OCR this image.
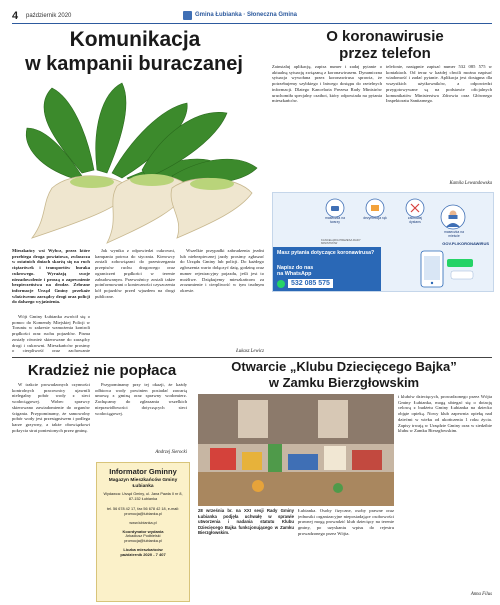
4 październik 2020	Gmina Łubianka · Słoneczna Gmina
Komunikacja
w kampanii buraczanej
Mieszkańcy wsi Wybcz, przez które przebiega droga powiatowa, zwłaszcza w ostatnich dniach skarżą się na ruch ciężarówek i transportów buraka cukrowego. Wyrażają swoje niezadowolenie i proszą o zapewnienie bezpieczeństwa na drodze. Zebrane informacje Urząd Gminy przekaże właściwemu zarządcy drogi oraz policji do dalszego wyjaśnienia.

Wójt Gminy Łubianka zwrócił się o pomoc do Komendy Miejskiej Policji w Toruniu w zakresie wzmożenia kontroli prędkości oraz ruchu pojazdów. Pisma zostały również skierowane do zarządcy drogi i cukrowni. Mieszkańców prosimy o cierpliwość oraz zachowanie

Jak wynika z odpowiedzi cukrowni, kampania potrwa do stycznia. Kierowcy zostali zobowiązani do przestrzegania przepisów ruchu drogowego oraz ograniczeń prędkości w terenie zabudowanym. Przewoźnicy zostali także poinformowani o konieczności czyszczenia kół pojazdów przed wjazdem na drogi publiczne.

Wszelkie przypadki zabrudzenia jezdni lub niebezpiecznej jazdy prosimy zgłaszać do Urzędu Gminy lub policji. Do każdego zgłoszenia warto dołączyć datę, godzinę oraz numer rejestracyjny pojazdu, jeśli jest to możliwe. Dziękujemy mieszkańcom za zrozumienie i cierpliwość w tym trudnym okresie.

Łukasz Lewicz
O koronawirusie
przez telefon

Zainstaluj aplikację, zapisz numer i zadaj pytanie o aktualną sytuację związaną z koronawirusem. Dynamiczna sytuacja wywołana przez koronawirusa sprawia, że potrzebujemy szybkiego i łatwego dostępu do rzetelnych informacji. Dlatego Kancelaria Prezesa Rady Ministrów uruchomiła specjalny czatbot, który odpowiada na pytania mieszkańców.

telefonie, następnie zapisać numer 532 085 575 w kontaktach. Od teraz w każdej chwili można napisać wiadomość i zadać pytanie. Aplikacja jest dostępna dla wszystkich użytkowników, a odpowiedzi przygotowywane są na podstawie oficjalnych komunikatów Ministerstwa Zdrowia oraz Głównego Inspektoratu Sanitarnego.

Kamila Lewandowska
maseczka na twarzy
dezynfekcja rąk	zachowaj dystans
maseczka na mieście
KANCELARIA PREZESA RADY MINISTRÓW	GOV.PL/KORONAWIRUS
Masz pytania dotyczące koronawirusa?
Napisz do nas
na WhatsApp
532 085 575
Kradzież nie popłaca

W trakcie prowadzonych czynności kontrolnych pracownicy ujawnili nielegalny pobór wody z sieci wodociągowej. Wobec sprawcy skierowano zawiadomienie do organów ścigania. Przypominamy, że samowolny pobór wody jest przestępstwem i podlega karze grzywny, a także obowiązkowi pokrycia strat poniesionych przez gminę.

Przypominamy przy tej okazji, że każdy odbiorca wody powinien posiadać zawartą umowę z gminą oraz sprawny wodomierz. Zachęcamy do zgłaszania wszelkich nieprawidłowości dotyczących sieci wodociągowej.

Andrzej Sierocki
Informator Gminny
Magazyn Mieszkańców Gminy Łubianka
Wydawca: Urząd Gminy, ul. Jana Pawła II nr 8, 87-152 Łubianka
tel. 56 678 42 17, fax 56 678 42 18, e-mail: promocja@lubianka.pl
www.lubianka.pl
Koordynator wydania
Arkadiusz Podbielski
promocja@lubianka.pl
Liczba mieszkańców
październik 2020 - 7 407
Otwarcie „Klubu Dziecięcego Bajka”
w Zamku Bierzgłowskim
28 września br. na XXI sesji Rady Gminy Łubianka podjęła uchwałę w sprawie utworzenia i nadania statutu Klubu Dziecięcego Bajka funkcjonującego w Zamku Bierzgłowskim.

Łubianka. Osoby fizyczne, osoby prawne oraz jednostki organizacyjne nieposiadające osobowości prawnej mogą prowadzić klub dziecięcy na terenie gminy, po uzyskaniu wpisu do rejestru prowadzonego przez Wójta.

i klubów dziecięcych, prowadzonego przez Wójta Gminy Łubianka, mogą ubiegać się o dotację celową z budżetu Gminy Łubianka na dziecko objęte opieką. Nowy klub zapewnia opiekę nad dziećmi w wieku od ukończenia 1 roku życia. Zapisy trwają w Urzędzie Gminy oraz w siedzibie klubu w Zamku Bierzgłowskim.

Anna Filus
